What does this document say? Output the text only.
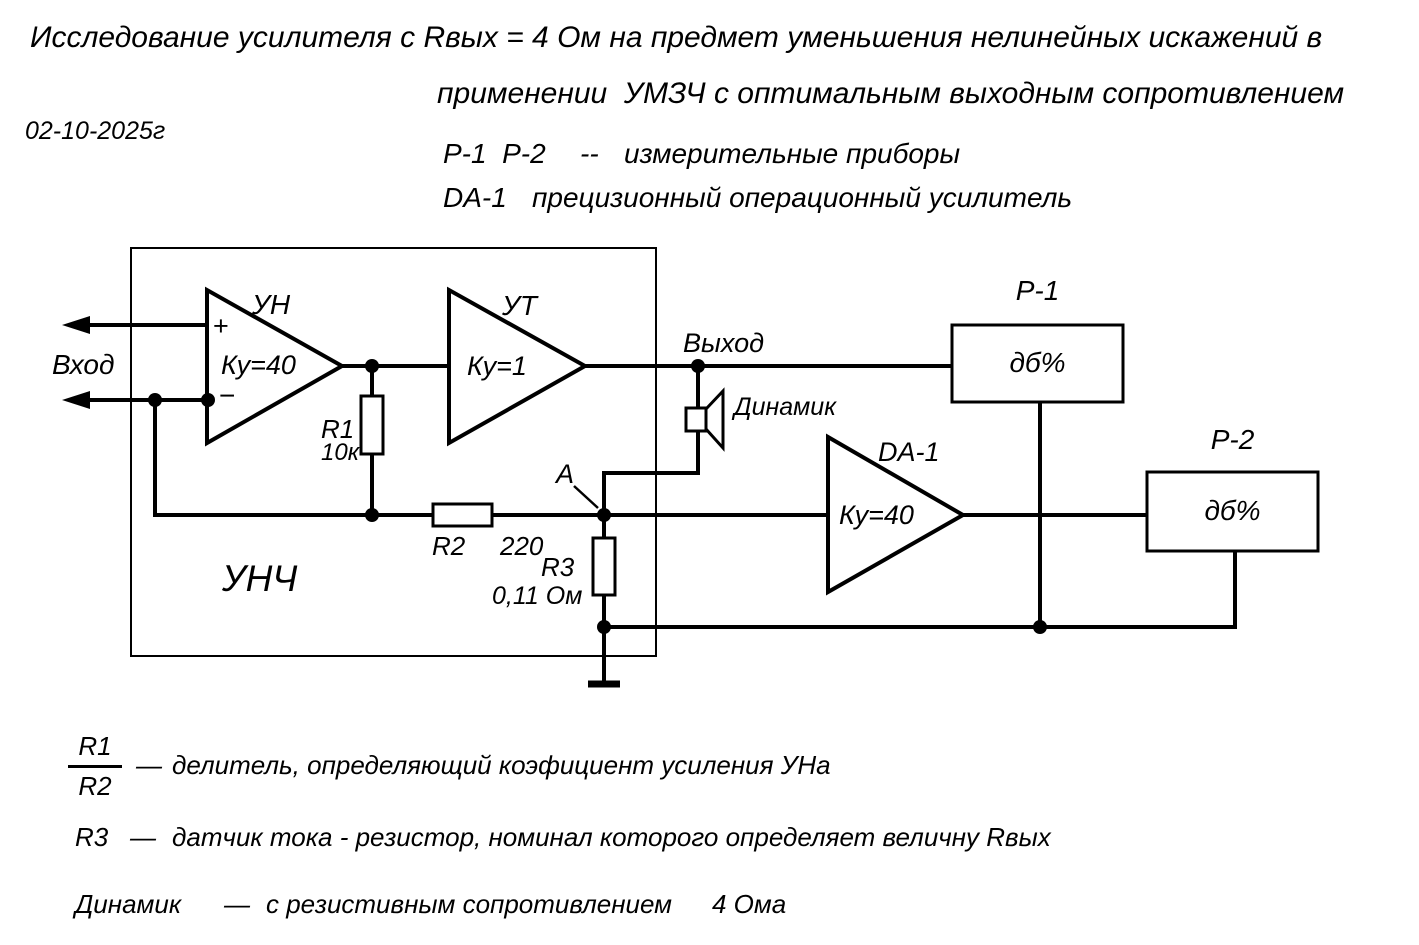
Исследование усилителя с Rвых = 4 Ом на предмет уменьшения нелинейных искажений в
применении  УМЗЧ с оптимальным выходным сопротивлением
02-10-2025г
P-1  P-2 -- измерительные приборы
DA-1 прецизионный операционный усилитель
Вход
Выход
УН
+
Ку=40
−
УТ
Ку=1
DA-1
Ку=40
R1
10к
R2 220
R3
0,11 Ом
A
Динамик
УНЧ
P-1
дб%
P-2
дб%
R1
R2
— делитель, определяющий коэфициент усиления УНа
R3 — датчик тока - резистор, номинал которого определяет величну Rвых
Динамик — с резистивным сопротивлением 4 Ома
